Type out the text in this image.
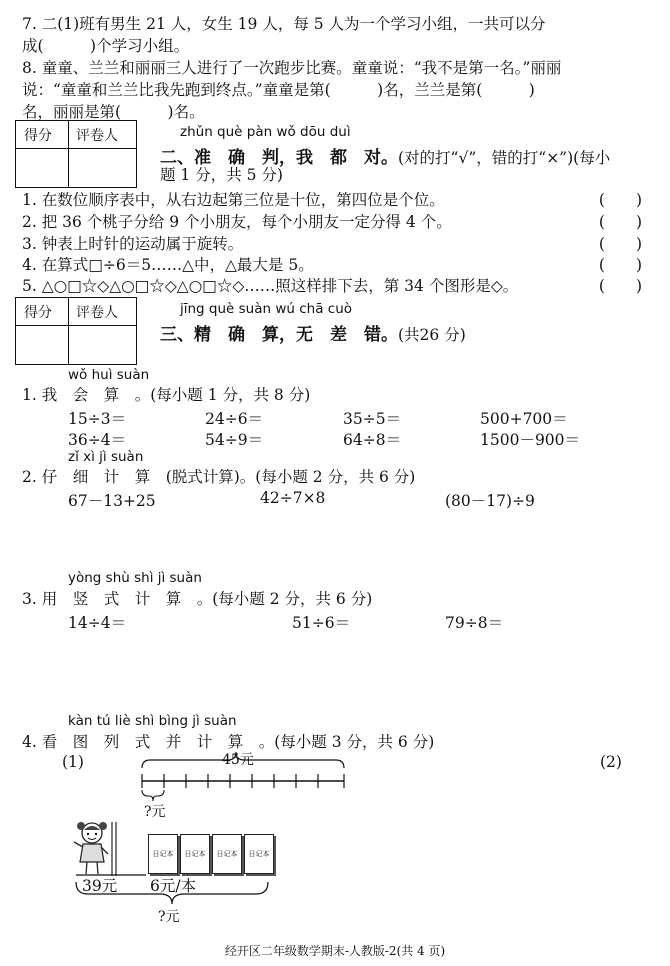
7. 二(1)班有男生 21 人，女生 19 人，每 5 人为一个学习小组，一共可以分
成(　　　)个学习小组。
8. 童童、兰兰和丽丽三人进行了一次跑步比赛。童童说：“我不是第一名。”丽丽
说：“童童和兰兰比我先跑到终点。”童童是第(　　　)名，兰兰是第(　　　)
名，丽丽是第(　　　)名。
得分 评卷人	zhǔn què pàn wǒ dōu duì
二、准　确　判，我　都　对。(对的打“√”，错的打“×”)(每小
题 1 分，共 5 分)
1. 在数位顺序表中，从右边起第三位是十位，第四位是个位。	(　　)
2. 把 36 个桃子分给 9 个小朋友，每个小朋友一定分得 4 个。	(　　)
3. 钟表上时针的运动属于旋转。	(　　)
4. 在算式□÷6＝5……△中，△最大是 5。	(　　)
5. △○□☆◇△○□☆◇△○□☆◇……照这样排下去，第 34 个图形是◇。	(　　)
得分 评卷人	jīng què suàn wú chā cuò
三、精　确　算，无　差　错。(共26 分)
wǒ huì suàn
1. 我　会　算　。(每小题 1 分，共 8 分)
15÷3＝	24÷6＝	35÷5＝	500+700＝
36÷4＝	54÷9＝	64÷8＝	1500－900＝
zǐ xì jì suàn
2. 仔　细　计　算　(脱式计算)。(每小题 2 分，共 6 分)
67－13+25	42÷7×8	(80－17)÷9
yòng shù shì jì suàn
3. 用　竖　式　计　算　。(每小题 2 分，共 6 分)
14÷4＝	51÷6＝	79÷8＝
kàn tú liè shì bìng jì suàn
4. 看　图　列　式　并　计　算　。(每小题 3 分，共 6 分)
(1)	(2)
45元
?元
日记本	日记本	日记本	日记本
39元 6元/本
?元
经开区二年级数学期末-人教版-2(共 4 页)
